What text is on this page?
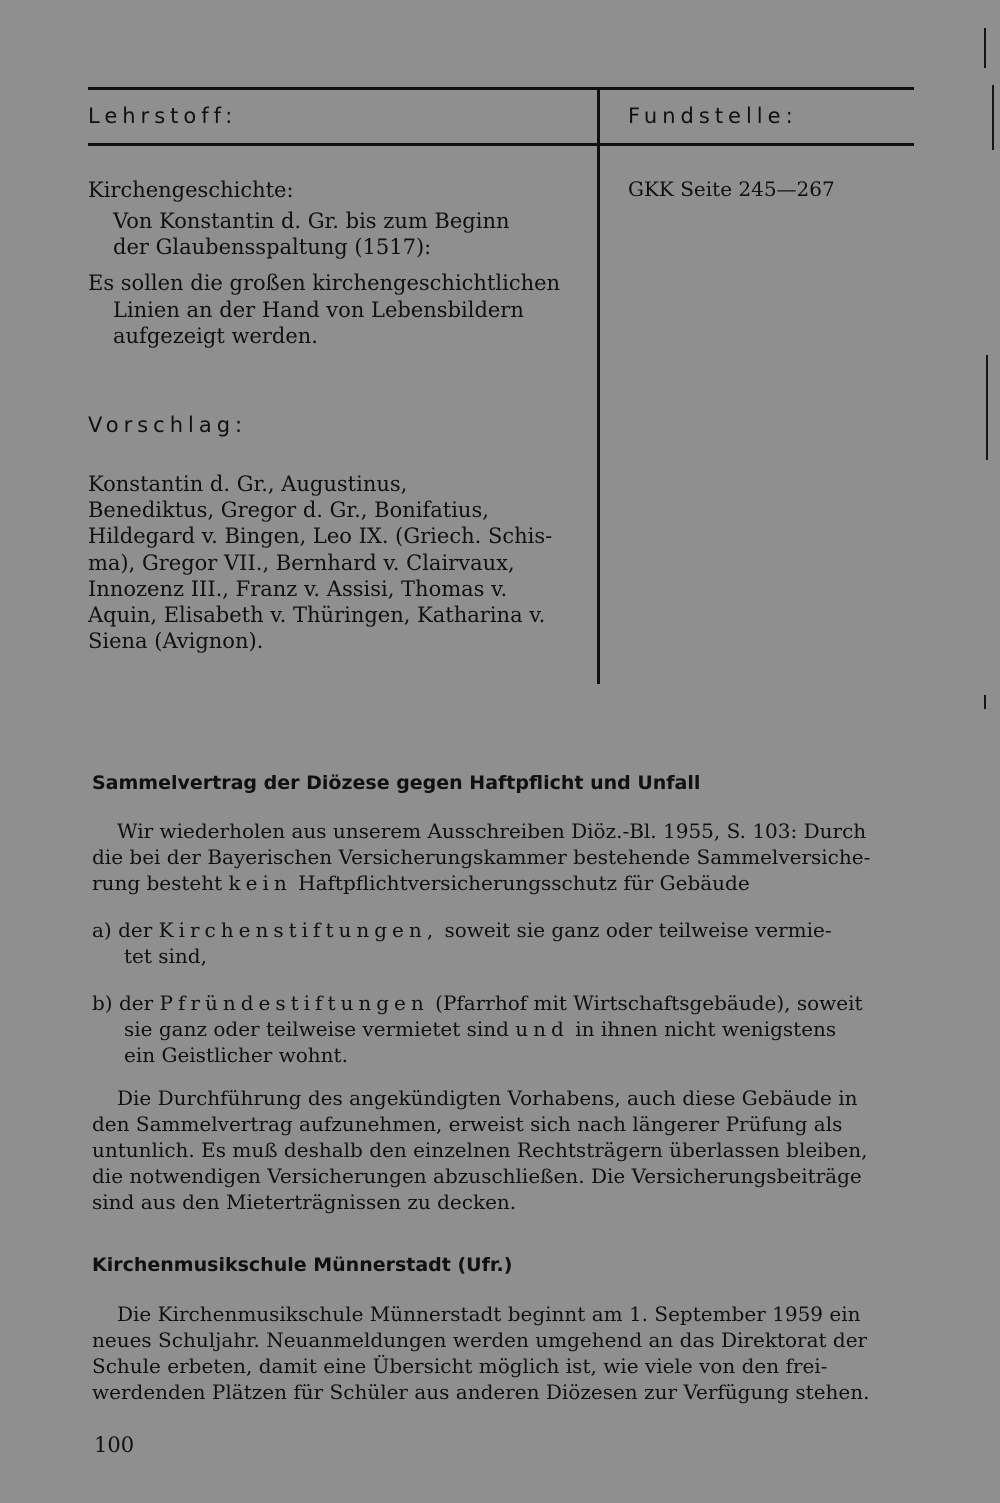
Lehrstoff:	Fundstelle:
Kirchengeschichte:
Von Konstantin d. Gr. bis zum Beginn
der Glaubensspaltung (1517):
Es sollen die großen kirchengeschichtlichen
Linien an der Hand von Lebensbildern
aufgezeigt werden.
GKK Seite 245—267
Vorschlag:
Konstantin d. Gr., Augustinus,
Benediktus, Gregor d. Gr., Bonifatius,
Hildegard v. Bingen, Leo IX. (Griech. Schis-
ma), Gregor VII., Bernhard v. Clairvaux,
Innozenz III., Franz v. Assisi, Thomas v.
Aquin, Elisabeth v. Thüringen, Katharina v.
Siena (Avignon).
Sammelvertrag der Diözese gegen Haftpflicht und Unfall
Wir wiederholen aus unserem Ausschreiben Diöz.-Bl. 1955, S. 103: Durch
die bei der Bayerischen Versicherungskammer bestehende Sammelversiche-
rung besteht kein Haftpflichtversicherungsschutz für Gebäude
a) der Kirchenstiftungen, soweit sie ganz oder teilweise vermie-
tet sind,
b) der Pfründestiftungen (Pfarrhof mit Wirtschaftsgebäude), soweit
sie ganz oder teilweise vermietet sind und in ihnen nicht wenigstens
ein Geistlicher wohnt.
Die Durchführung des angekündigten Vorhabens, auch diese Gebäude in
den Sammelvertrag aufzunehmen, erweist sich nach längerer Prüfung als
untunlich. Es muß deshalb den einzelnen Rechtsträgern überlassen bleiben,
die notwendigen Versicherungen abzuschließen. Die Versicherungsbeiträge
sind aus den Mieterträgnissen zu decken.
Kirchenmusikschule Münnerstadt (Ufr.)
Die Kirchenmusikschule Münnerstadt beginnt am 1. September 1959 ein
neues Schuljahr. Neuanmeldungen werden umgehend an das Direktorat der
Schule erbeten, damit eine Übersicht möglich ist, wie viele von den frei-
werdenden Plätzen für Schüler aus anderen Diözesen zur Verfügung stehen.
100
